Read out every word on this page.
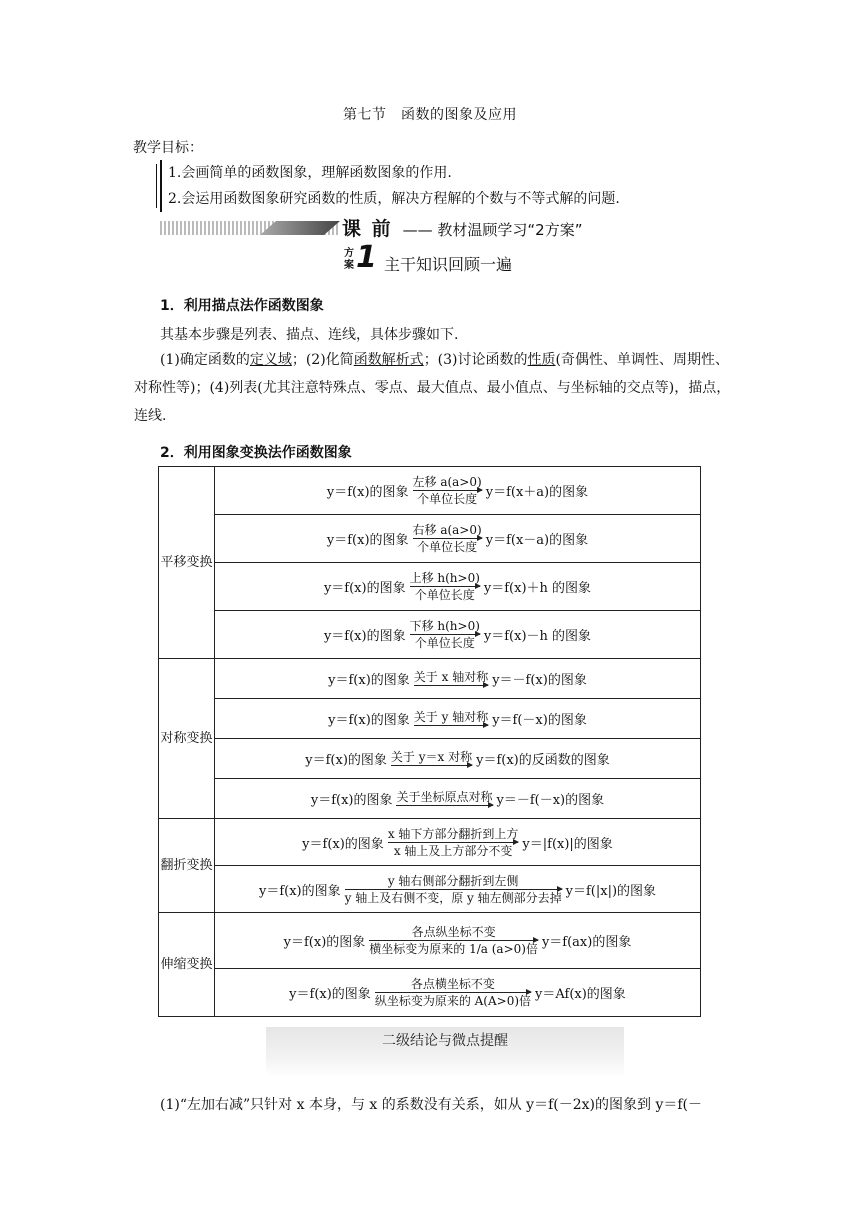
第七节　函数的图象及应用
教学目标：
1.会画简单的函数图象，理解函数图象的作用.
2.会运用函数图象研究函数的性质，解决方程解的个数与不等式解的问题.
课 前 —— 教材温顾学习“2方案”
方案 1 主干知识回顾一遍
1．利用描点法作函数图象
其基本步骤是列表、描点、连线，具体步骤如下.
(1)确定函数的定义域；(2)化简函数解析式；(3)讨论函数的性质(奇偶性、单调性、周期性、对称性等)；(4)列表(尤其注意特殊点、零点、最大值点、最小值点、与坐标轴的交点等)，描点，连线.
2．利用图象变换法作函数图象
平移变换	y＝f(x)的图象
左移 a(a>0)
个单位长度 y＝f(x＋a)的图象

	y＝f(x)的图象
右移 a(a>0)
个单位长度 y＝f(x－a)的图象

	y＝f(x)的图象
上移 h(h>0)
个单位长度 y＝f(x)＋h 的图象

	y＝f(x)的图象
下移 h(h>0)
个单位长度 y＝f(x)－h 的图象

对称变换	y＝f(x)的图象 关于 x 轴对称 y＝－f(x)的图象

	y＝f(x)的图象 关于 y 轴对称 y＝f(－x)的图象

	y＝f(x)的图象 关于 y＝x 对称 y＝f(x)的反函数的图象

	y＝f(x)的图象 关于坐标原点对称 y＝－f(－x)的图象

翻折变换	y＝f(x)的图象
x 轴下方部分翻折到上方
x 轴上及上方部分不变 y＝|f(x)|的图象

	y＝f(x)的图象
y 轴右侧部分翻折到左侧
y 轴上及右侧不变，原 y 轴左侧部分去掉 y＝f(|x|)的图象

伸缩变换	y＝f(x)的图象
各点纵坐标不变
横坐标变为原来的 1/a (a>0)倍 y＝f(ax)的图象

	y＝f(x)的图象
各点横坐标不变
纵坐标变为原来的 A(A>0)倍 y＝Af(x)的图象
二级结论与微点提醒
(1)“左加右减”只针对 x 本身，与 x 的系数没有关系，如从 y＝f(－2x)的图象到 y＝f(－
